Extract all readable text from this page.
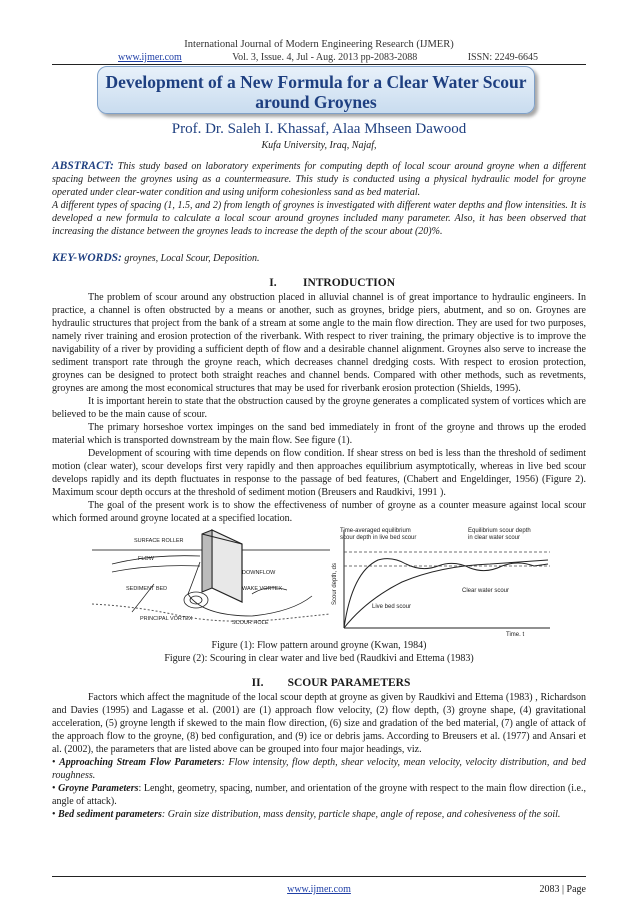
International Journal of Modern Engineering Research (IJMER)
www.ijmer.com	Vol. 3, Issue. 4, Jul - Aug. 2013 pp-2083-2088	ISSN: 2249-6645
Development of a New Formula for a Clear Water Scour
around Groynes
Prof. Dr. Saleh I. Khassaf, Alaa Mhseen Dawood
Kufa University, Iraq, Najaf,
ABSTRACT: This study based on laboratory experiments for computing depth of local scour around groyne when a different spacing between the groynes using as a countermeasure. This study is conducted using a physical hydraulic model for groyne operated under clear-water condition and using uniform cohesionless sand as bed material.
A different types of spacing (1, 1.5, and 2) from length of groynes is investigated with different water depths and flow intensities. It is developed a new formula to calculate a local scour around groynes included many parameter. Also, it has been observed that increasing the distance between the groynes leads to increase the depth of the scour about (20)%.
KEY-WORDS: groynes, Local Scour, Deposition.
I. INTRODUCTION

The problem of scour around any obstruction placed in alluvial channel is of great importance to hydraulic engineers. In practice, a channel is often obstructed by a means or another, such as groynes, bridge piers, abutment, and so on. Groynes are hydraulic structures that project from the bank of a stream at some angle to the main flow direction. They are used for two purposes, namely river training and erosion protection of the riverbank. With respect to river training, the primary objective is to improve the navigability of a river by providing a sufficient depth of flow and a desirable channel alignment. Groynes also serve to increase the sediment transport rate through the groyne reach, which decreases channel dredging costs. With respect to erosion protection, groynes can be designed to protect both straight reaches and channel bends. Compared with other methods, such as revetments, groynes are among the most economical structures that may be used for riverbank erosion protection (Shields, 1995).

It is important herein to state that the obstruction caused by the groyne generates a complicated system of vortices which are believed to be the main cause of scour.

The primary horseshoe vortex impinges on the sand bed immediately in front of the groyne and throws up the eroded material which is transported downstream by the main flow. See figure (1).

Development of scouring with time depends on flow condition. If shear stress on bed is less than the threshold of sediment motion (clear water), scour develops first very rapidly and then approaches equilibrium asymptotically, whereas in live bed scour develops rapidly and its depth fluctuates in response to the passage of bed features, (Chabert and Engeldinger, 1956) (Figure 2). Maximum scour depth occurs at the threshold of sediment motion (Breusers and Raudkivi, 1991 ).

The goal of the present work is to show the effectiveness of number of groyne as a counter measure against local scour which formed around groyne located at a specified location.

SURFACE ROLLER
FLOW
DOWNFLOW
SEDIMENT BED	WAKE VORTEX
PRINCIPAL VORTEX
SCOUR HOLE
Scour depth, ds
Time-averaged equilibrium
scour depth in live bed scour
Equilibrium scour depth
in clear water scour
Clear water scour
Live bed scour
Time, t
Figure (1): Flow pattern around groyne (Kwan, 1984)
Figure (2): Scouring in clear water and live bed (Raudkivi and Ettema (1983)
II. SCOUR PARAMETERS

Factors which affect the magnitude of the local scour depth at groyne as given by Raudkivi and Ettema (1983) , Richardson and Davies (1995) and Lagasse et al. (2001) are (1) approach flow velocity, (2) flow depth, (3) groyne shape, (4) gravitational acceleration, (5) groyne length if skewed to the main flow direction, (6) size and gradation of the bed material, (7) angle of attack of the approach flow to the groyne, (8) bed configuration, and (9) ice or debris jams. According to Breusers et al. (1977) and Ansari et al. (2002), the parameters that are listed above can be grouped into four major headings, viz.

• Approaching Stream Flow Parameters: Flow intensity, flow depth, shear velocity, mean velocity, velocity distribution, and bed roughness.

• Groyne Parameters: Lenght, geometry, spacing, number, and orientation of the groyne with respect to the main flow direction (i.e., angle of attack).

• Bed sediment parameters: Grain size distribution, mass density, particle shape, angle of repose, and cohesiveness of the soil.

www.ijmer.com	2083 | Page
